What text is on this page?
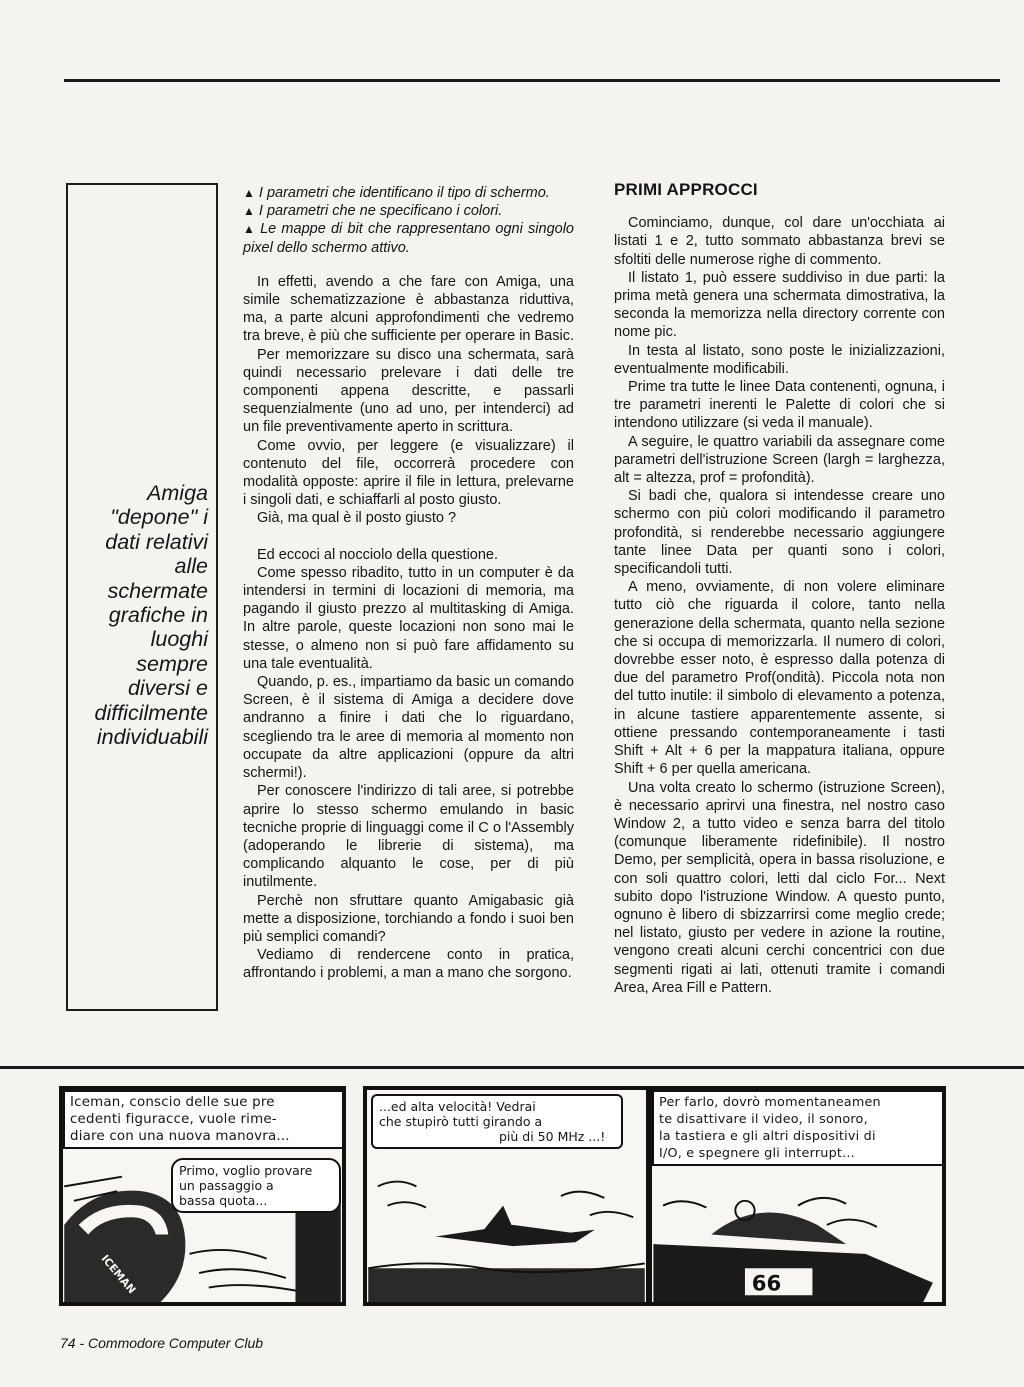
Amiga
"depone" i
dati relativi
alle
schermate
grafiche in
luoghi
sempre
diversi e
difficilmente
individuabili

▲ I parametri che identificano il tipo di schermo.
▲ I parametri che ne specificano i colori.
▲ Le mappe di bit che rappresentano ogni singolo pixel dello schermo attivo.

In effetti, avendo a che fare con Amiga, una simile schematizzazione è abbastanza riduttiva, ma, a parte alcuni approfondimenti che vedremo tra breve, è più che sufficiente per operare in Basic.

Per memorizzare su disco una schermata, sarà quindi necessario prelevare i dati delle tre componenti appena descritte, e passarli sequenzialmente (uno ad uno, per intenderci) ad un file preventivamente aperto in scrittura.

Come ovvio, per leggere (e visualizzare) il contenuto del file, occorrerà procedere con modalità opposte: aprire il file in lettura, prelevarne i singoli dati, e schiaffarli al posto giusto.

Già, ma qual è il posto giusto ?

Ed eccoci al nocciolo della questione.

Come spesso ribadito, tutto in un computer è da intendersi in termini di locazioni di memoria, ma pagando il giusto prezzo al multitasking di Amiga. In altre parole, queste locazioni non sono mai le stesse, o almeno non si può fare affidamento su una tale eventualità.

Quando, p. es., impartiamo da basic un comando Screen, è il sistema di Amiga a decidere dove andranno a finire i dati che lo riguardano, scegliendo tra le aree di memoria al momento non occupate da altre applicazioni (oppure da altri schermi!).

Per conoscere l'indirizzo di tali aree, si potrebbe aprire lo stesso schermo emulando in basic tecniche proprie di linguaggi come il C o l'Assembly (adoperando le librerie di sistema), ma complicando alquanto le cose, per di più inutilmente.

Perchè non sfruttare quanto Amigabasic già mette a disposizione, torchiando a fondo i suoi ben più semplici comandi?

Vediamo di rendercene conto in pratica, affrontando i problemi, a man a mano che sorgono.

PRIMI APPROCCI

Cominciamo, dunque, col dare un'occhiata ai listati 1 e 2, tutto sommato abbastanza brevi se sfoltiti delle numerose righe di commento.

Il listato 1, può essere suddiviso in due parti: la prima metà genera una schermata dimostrativa, la seconda la memorizza nella directory corrente con nome pic.

In testa al listato, sono poste le inizializzazioni, eventualmente modificabili.

Prime tra tutte le linee Data contenenti, ognuna, i tre parametri inerenti le Palette di colori che si intendono utilizzare (si veda il manuale).

A seguire, le quattro variabili da assegnare come parametri dell'istruzione Screen (largh = larghezza, alt = altezza, prof = profondità).

Si badi che, qualora si intendesse creare uno schermo con più colori modificando il parametro profondità, si renderebbe necessario aggiungere tante linee Data per quanti sono i colori, specificandoli tutti.

A meno, ovviamente, di non volere eliminare tutto ciò che riguarda il colore, tanto nella generazione della schermata, quanto nella sezione che si occupa di memorizzarla. Il numero di colori, dovrebbe esser noto, è espresso dalla potenza di due del parametro Prof(ondità). Piccola nota non del tutto inutile: il simbolo di elevamento a potenza, in alcune tastiere apparentemente assente, si ottiene pressando contemporaneamente i tasti Shift + Alt + 6 per la mappatura italiana, oppure Shift + 6 per quella americana.

Una volta creato lo schermo (istruzione Screen), è necessario aprirvi una finestra, nel nostro caso Window 2, a tutto video e senza barra del titolo (comunque liberamente ridefinibile). Il nostro Demo, per semplicità, opera in bassa risoluzione, e con soli quattro colori, letti dal ciclo For... Next subito dopo l'istruzione Window. A questo punto, ognuno è libero di sbizzarrirsi come meglio crede; nel listato, giusto per vedere in azione la routine, vengono creati alcuni cerchi concentrici con due segmenti rigati ai lati, ottenuti tramite i comandi Area, Area Fill e Pattern.

ICEMAN
Iceman, conscio delle sue pre
cedenti figuracce, vuole rime-
diare con una nuova manovra...
Primo, voglio provare
un passaggio a
bassa quota...
...ed alta velocità! Vedrai
che stupirò tutti girando a
più di 50 MHz ...!
66
Per farlo, dovrò momentaneamen
te disattivare il video, il sonoro,
la tastiera e gli altri dispositivi di
I/O, e spegnere gli interrupt...

74 - Commodore Computer Club
